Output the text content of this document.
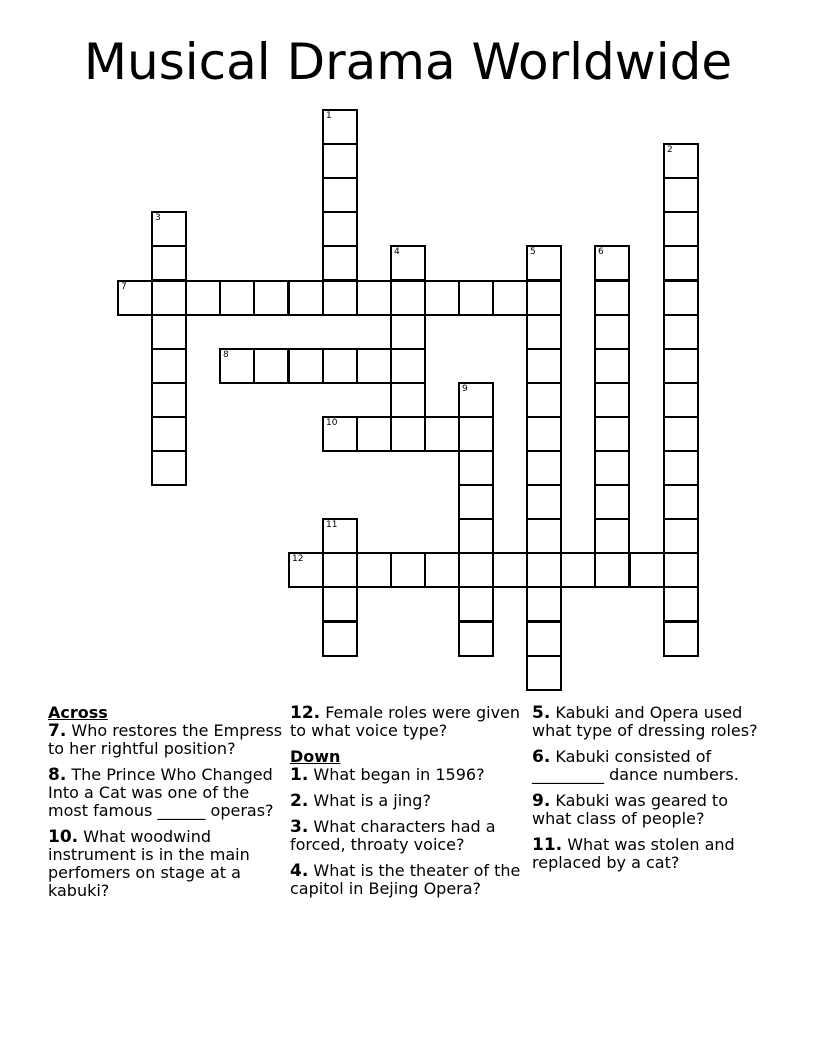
Musical Drama Worldwide
1
2
3
4	5	6
7
8
9
10
11
12
Across
7. Who restores the Empress to her rightful position?
8. The Prince Who Changed Into a Cat was one of the most famous ______ operas?
10. What woodwind instrument is in the main perfomers on stage at a kabuki?
12. Female roles were given to what voice type?
Down
1. What began in 1596?
2. What is a jing?
3. What characters had a forced, throaty voice?
4. What is the theater of the capitol in Bejing Opera?
5. Kabuki and Opera used what type of dressing roles?
6. Kabuki consisted of _________ dance numbers.
9. Kabuki was geared to what class of people?
11. What was stolen and replaced by a cat?
